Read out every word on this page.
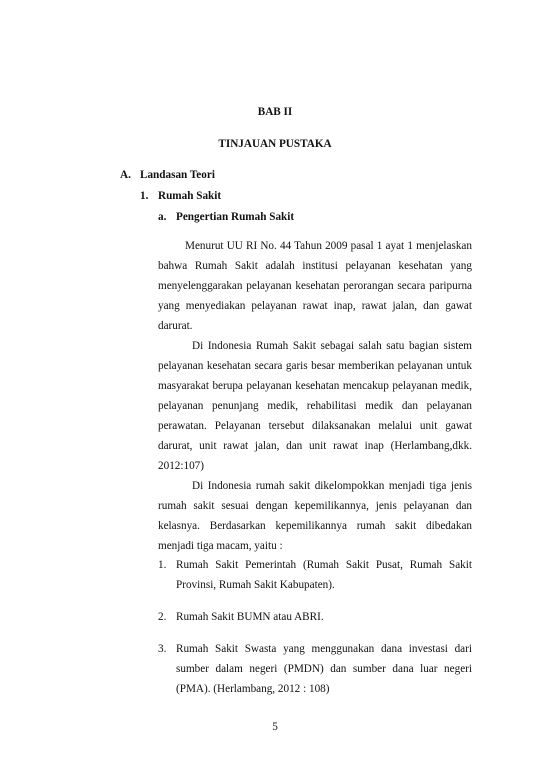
BAB II
TINJAUAN PUSTAKA
A. Landasan Teori
1. Rumah Sakit
a. Pengertian Rumah Sakit
Menurut UU RI No. 44 Tahun 2009 pasal 1 ayat 1 menjelaskan
bahwa Rumah Sakit adalah institusi pelayanan kesehatan yang
menyelenggarakan pelayanan kesehatan perorangan secara paripurna
yang menyediakan pelayanan rawat inap, rawat jalan, dan gawat
darurat.
Di Indonesia Rumah Sakit sebagai salah satu bagian sistem
pelayanan kesehatan secara garis besar memberikan pelayanan untuk
masyarakat berupa pelayanan kesehatan mencakup pelayanan medik,
pelayanan penunjang medik, rehabilitasi medik dan pelayanan
perawatan. Pelayanan tersebut dilaksanakan melalui unit gawat
darurat, unit rawat jalan, dan unit rawat inap (Herlambang,dkk.
2012:107)
Di Indonesia rumah sakit dikelompokkan menjadi tiga jenis
rumah sakit sesuai dengan kepemilikannya, jenis pelayanan dan
kelasnya. Berdasarkan kepemilikannya rumah sakit dibedakan
menjadi tiga macam, yaitu :
1. Rumah Sakit Pemerintah (Rumah Sakit Pusat, Rumah Sakit
Provinsi, Rumah Sakit Kabupaten).
2. Rumah Sakit BUMN atau ABRI.
3. Rumah Sakit Swasta yang menggunakan dana investasi dari
sumber dalam negeri (PMDN) dan sumber dana luar negeri
(PMA). (Herlambang, 2012 : 108)
5
